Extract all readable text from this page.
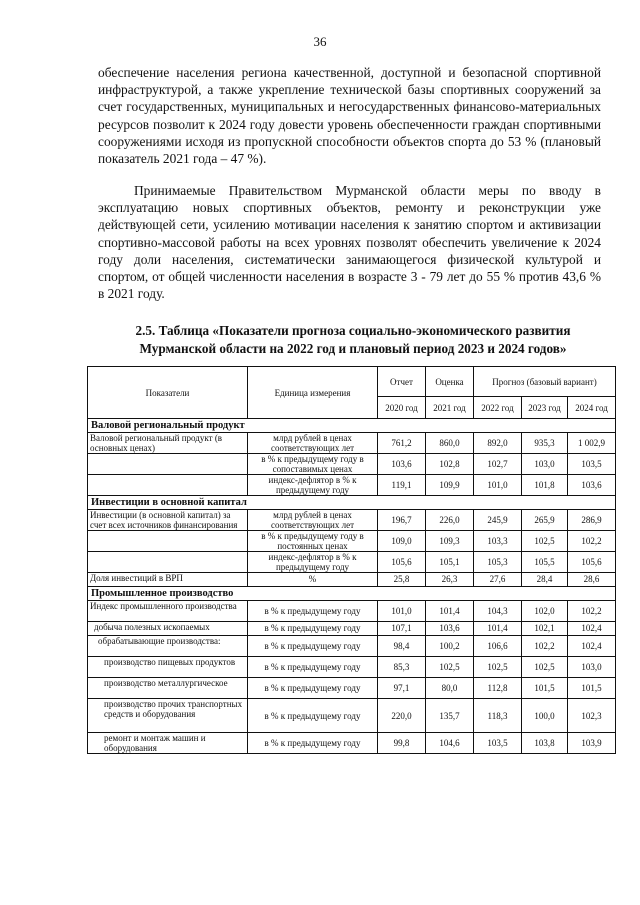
36

обеспечение населения региона качественной, доступной и безопасной спортивной инфраструктурой, а также укрепление технической базы спортивных сооружений за счет государственных, муниципальных и негосударственных финансово-материальных ресурсов позволит к 2024 году довести уровень обеспеченности граждан спортивными сооружениями исходя из пропускной способности объектов спорта до 53 % (плановый показатель 2021 года – 47 %).

Принимаемые Правительством Мурманской области меры по вводу в эксплуатацию новых спортивных объектов, ремонту и реконструкции уже действующей сети, усилению мотивации населения к занятию спортом и активизации спортивно-массовой работы на всех уровнях позволят обеспечить увеличение к 2024 году доли населения, систематически занимающегося физической культурой и спортом, от общей численности населения в возрасте 3 - 79 лет до 55 % против 43,6 % в 2021 году.

2.5. Таблица «Показатели прогноза социально-экономического развития Мурманской области на 2022 год и плановый период 2023 и 2024 годов»
Показатели	Единица измерения	Отчет	Оценка	Прогноз (базовый вариант)		
		2020 год	2021 год	2022 год	2023 год	2024 год
Валовой региональный продукт						
Валовой региональный продукт (в основных ценах)	млрд рублей в ценах соответствующих лет	761,2	860,0	892,0	935,3	1 002,9
	в % к предыдущему году в сопоставимых ценах	103,6	102,8	102,7	103,0	103,5
	индекс-дефлятор в % к предыдущему году	119,1	109,9	101,0	101,8	103,6
Инвестиции в основной капитал						
Инвестиции (в основной капитал) за счет всех источников финансирования	млрд рублей в ценах соответствующих лет	196,7	226,0	245,9	265,9	286,9
	в % к предыдущему году в постоянных ценах	109,0	109,3	103,3	102,5	102,2
	индекс-дефлятор в % к предыдущему году	105,6	105,1	105,3	105,5	105,6
Доля инвестиций в ВРП	%	25,8	26,3	27,6	28,4	28,6
Промышленное производство						
Индекс промышленного производства	в % к предыдущему году	101,0	101,4	104,3	102,0	102,2
добыча полезных ископаемых	в % к предыдущему году	107,1	103,6	101,4	102,1	102,4
обрабатывающие производства:	в % к предыдущему году	98,4	100,2	106,6	102,2	102,4
производство пищевых продуктов	в % к предыдущему году	85,3	102,5	102,5	102,5	103,0
производство металлургическое	в % к предыдущему году	97,1	80,0	112,8	101,5	101,5
производство прочих транспортных средств и оборудования	в % к предыдущему году	220,0	135,7	118,3	100,0	102,3
ремонт и монтаж машин и оборудования	в % к предыдущему году	99,8	104,6	103,5	103,8	103,9
